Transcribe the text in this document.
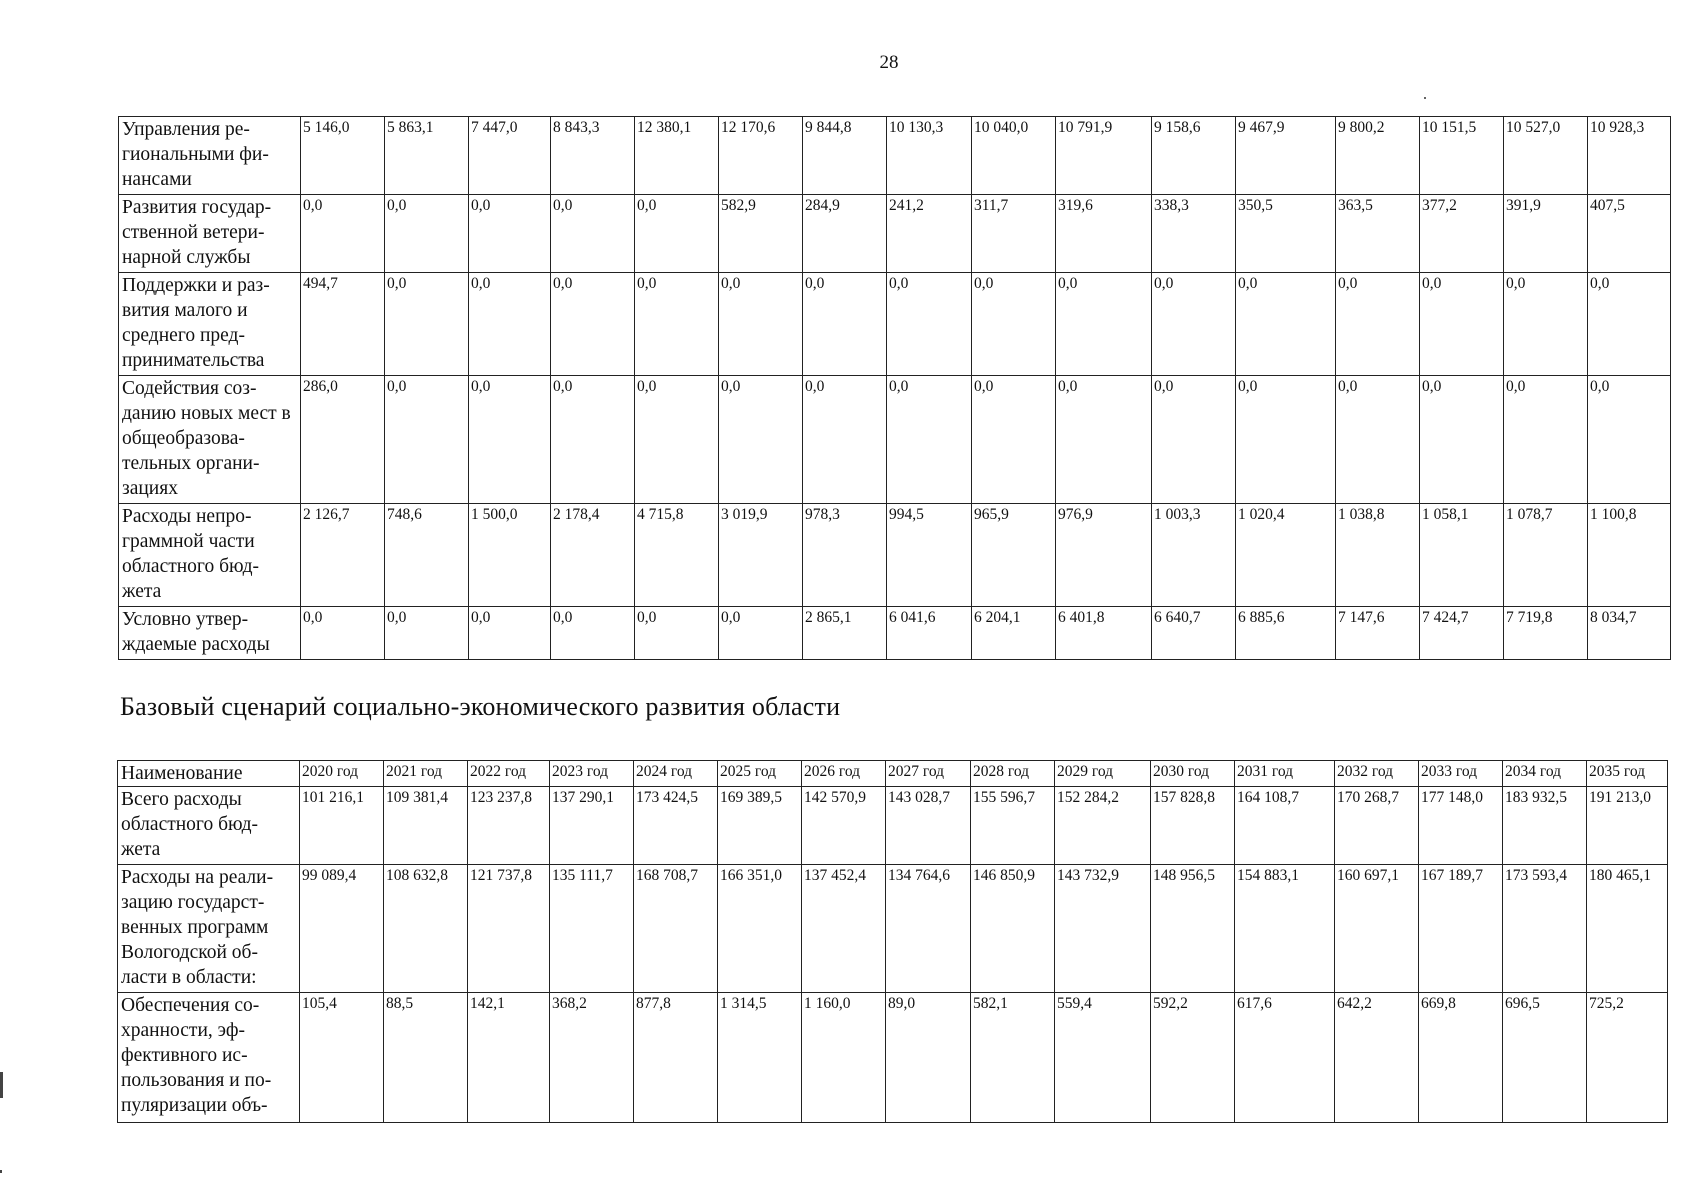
28
Управления ре-гиональными фи-нансами	5 146,0	5 863,1	7 447,0	8 843,3	12 380,1	12 170,6	9 844,8	10 130,3	10 040,0	10 791,9	9 158,6	9 467,9	9 800,2	10 151,5	10 527,0	10 928,3
Развития государ-ственной ветери-нарной службы	0,0	0,0	0,0	0,0	0,0	582,9	284,9	241,2	311,7	319,6	338,3	350,5	363,5	377,2	391,9	407,5
Поддержки и раз-вития малого и среднего пред-принимательства	494,7	0,0	0,0	0,0	0,0	0,0	0,0	0,0	0,0	0,0	0,0	0,0	0,0	0,0	0,0	0,0
Содействия соз-данию новых мест в общеобразова-тельных органи-зациях	286,0	0,0	0,0	0,0	0,0	0,0	0,0	0,0	0,0	0,0	0,0	0,0	0,0	0,0	0,0	0,0
Расходы непро-граммной части областного бюд-жета	2 126,7	748,6	1 500,0	2 178,4	4 715,8	3 019,9	978,3	994,5	965,9	976,9	1 003,3	1 020,4	1 038,8	1 058,1	1 078,7	1 100,8
Условно утвер-ждаемые расходы	0,0	0,0	0,0	0,0	0,0	0,0	2 865,1	6 041,6	6 204,1	6 401,8	6 640,7	6 885,6	7 147,6	7 424,7	7 719,8	8 034,7
Базовый сценарий социально-экономического развития области
Наименование	2020 год	2021 год	2022 год	2023 год	2024 год	2025 год	2026 год	2027 год	2028 год	2029 год	2030 год	2031 год	2032 год	2033 год	2034 год	2035 год
Всего расходы областного бюд-жета	101 216,1	109 381,4	123 237,8	137 290,1	173 424,5	169 389,5	142 570,9	143 028,7	155 596,7	152 284,2	157 828,8	164 108,7	170 268,7	177 148,0	183 932,5	191 213,0
Расходы на реали-зацию государст-венных программ Вологодской об-ласти в области:	99 089,4	108 632,8	121 737,8	135 111,7	168 708,7	166 351,0	137 452,4	134 764,6	146 850,9	143 732,9	148 956,5	154 883,1	160 697,1	167 189,7	173 593,4	180 465,1
Обеспечения со-хранности, эф-фективного ис-пользования и по-пуляризации объ-	105,4	88,5	142,1	368,2	877,8	1 314,5	1 160,0	89,0	582,1	559,4	592,2	617,6	642,2	669,8	696,5	725,2
